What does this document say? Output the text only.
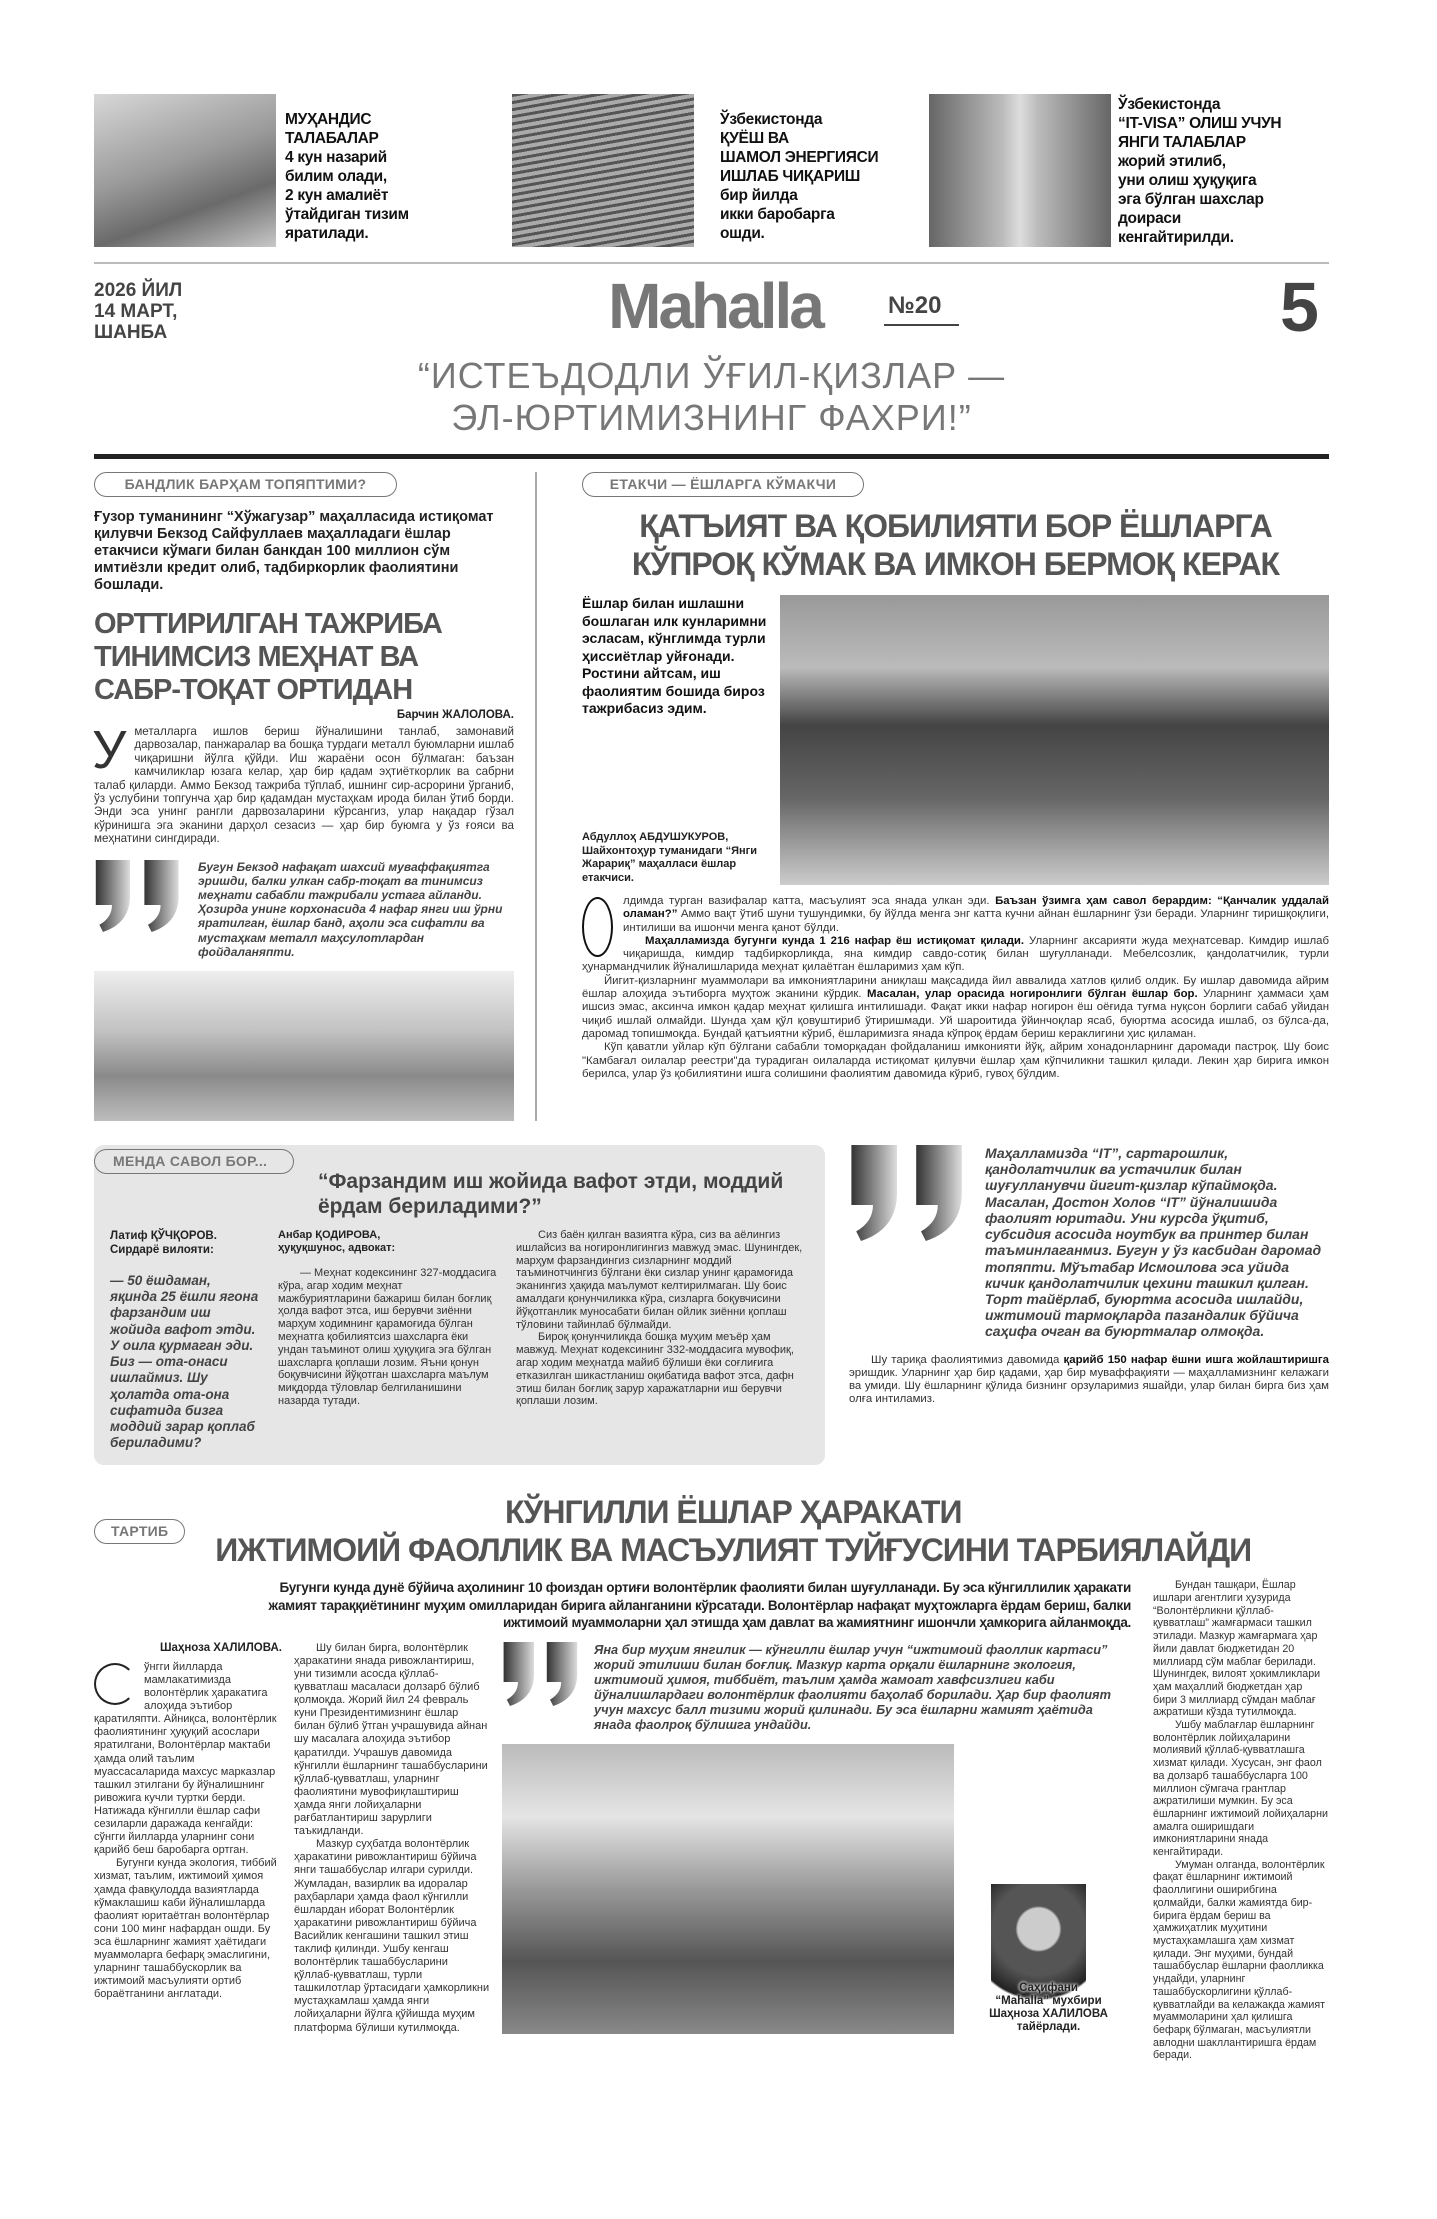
МУҲАНДИС
ТАЛАБАЛАР
4 кун назарий
билим олади,
2 кун амалиёт
ўтайдиган тизим
яратилади.
Ўзбекистонда
ҚУЁШ ВА
ШАМОЛ ЭНЕРГИЯСИ
ИШЛАБ ЧИҚАРИШ
бир йилда
икки баробарга
ошди.
Ўзбекистонда
“IT-VISA” ОЛИШ УЧУН
ЯНГИ ТАЛАБЛАР
жорий этилиб,
уни олиш ҳуқуқига
эга бўлган шахслар
доираси
кенгайтирилди.
2026 ЙИЛ
14 МАРТ,
ШАНБА	Mahalla	№20	5
“ИСТЕЪДОДЛИ ЎҒИЛ-ҚИЗЛАР —
ЭЛ-ЮРТИМИЗНИНГ ФАХРИ!”
БАНДЛИК БАРҲАМ ТОПЯПТИМИ?
Ғузор туманининг “Хўжагузар” маҳалласида истиқомат қилувчи Бекзод Сайфуллаев маҳалладаги ёшлар етакчиси кўмаги билан банкдан 100 миллион сўм имтиёзли кредит олиб, тадбиркорлик фаолиятини бошлади.
ОРТТИРИЛГАН ТАЖРИБА
ТИНИМСИЗ МЕҲНАТ ВА
САБР-ТОҚАТ ОРТИДАН
Барчин ЖАЛОЛОВА.
У металларга ишлов бериш йўналишини танлаб, замонавий дарвозалар, панжаралар ва бошқа турдаги металл буюмларни ишлаб чиқаришни йўлга қўйди. Иш жараёни осон бўлмаган: баъзан камчиликлар юзага келар, ҳар бир қадам эҳтиёткорлик ва сабрни талаб қиларди. Аммо Бекзод тажриба тўплаб, ишнинг сир-асрорини ўрганиб, ўз услубини топгунча ҳар бир қадамдан мустаҳкам ирода билан ўтиб борди. Энди эса унинг рангли дарвозаларини кўрсангиз, улар нақадар гўзал кўринишга эга эканини дарҳол сезасиз — ҳар бир буюмга у ўз ғояси ва меҳнатини сингдиради.

Бугун Бекзод нафақат шахсий муваффақиятга эришди, балки улкан сабр-тоқат ва тинимсиз меҳнати сабабли тажрибали устага айланди. Ҳозирда унинг корхонасида 4 нафар янги иш ўрни яратилган, ёшлар банд, аҳоли эса сифатли ва мустаҳкам металл маҳсулотлардан фойдаланяпти.
ЕТАКЧИ — ЁШЛАРГА КЎМАКЧИ
ҚАТЪИЯТ ВА ҚОБИЛИЯТИ БОР ЁШЛАРГА
КЎПРОҚ КЎМАК ВА ИМКОН БЕРМОҚ КЕРАК
Ёшлар билан ишлашни бошлаган илк кунларимни эсласам, кўнглимда турли ҳиссиётлар уйғонади. Ростини айтсам, иш фаолиятим бошида бироз тажрибасиз эдим.
Абдуллоҳ АБДУШУКУРОВ, Шайхонтоҳур туманидаги “Янги Жарариқ” маҳалласи ёшлар етакчиси.

лдимда турган вазифалар катта, масъулият эса янада улкан эди. Баъзан ўзимга ҳам савол берардим: “Қанчалик уддалай оламан?” Аммо вақт ўтиб шуни тушундимки, бу йўлда менга энг катта кучни айнан ёшларнинг ўзи беради. Уларнинг тиришқоқлиги, интилиши ва ишончи менга қанот бўлди.

Маҳалламизда бугунги кунда 1 216 нафар ёш истиқомат қилади. Уларнинг аксарияти жуда меҳнатсевар. Кимдир ишлаб чиқаришда, кимдир тадбиркорликда, яна кимдир савдо-сотиқ билан шуғулланади. Мебелсозлик, қандолатчилик, турли ҳунармандчилик йўналишларида меҳнат қилаётган ёшларимиз ҳам кўп.

Йигит-қизларнинг муаммолари ва имкониятларини аниқлаш мақсадида йил аввалида хатлов қилиб олдик. Бу ишлар давомида айрим ёшлар алоҳида эътиборга муҳтож эканини кўрдик. Масалан, улар орасида ногиронлиги бўлган ёшлар бор. Уларнинг ҳаммаси ҳам ишсиз эмас, аксинча имкон қадар меҳнат қилишга интилишади. Фақат икки нафар ногирон ёш оёғида туғма нуқсон борлиги сабаб уйидан чиқиб ишлай олмайди. Шунда ҳам қўл қовуштириб ўтиришмади. Уй шароитида ўйинчоқлар ясаб, буюртма асосида ишлаб, оз бўлса-да, даромад топишмоқда. Бундай қатъиятни кўриб, ёшларимизга янада кўпроқ ёрдам бериш кераклигини ҳис қиламан.

Кўп қаватли уйлар кўп бўлгани сабабли томорқадан фойдаланиш имконияти йўқ, айрим хонадонларнинг даромади пастроқ. Шу боис "Камбағал оилалар реестри"да турадиган оилаларда истиқомат қилувчи ёшлар ҳам кўпчиликни ташкил қилади. Лекин ҳар бирига имкон берилса, улар ўз қобилиятини ишга солишини фаолиятим давомида кўриб, гувоҳ бўлдим.

МЕНДА САВОЛ БОР...
“Фарзандим иш жойида вафот этди, моддий ёрдам бериладими?”
Латиф ҚЎЧҚОРОВ.
Сирдарё вилояти:
— 50 ёшдаман, яқинда 25 ёшли ягона фарзандим иш жойида вафот этди. У оила қурмаган эди. Биз — ота-онаси ишлаймиз. Шу ҳолатда ота-она сифатида бизга моддий зарар қоплаб бериладими?
Анбар ҚОДИРОВА,
ҳуқуқшунос, адвокат:

— Меҳнат кодексининг 327-моддасига кўра, агар ходим меҳнат мажбуриятларини бажариш билан боғлиқ ҳолда вафот этса, иш берувчи зиённи марҳум ходимнинг қарамоғида бўлган меҳнатга қобилиятсиз шахсларга ёки ундан таъминот олиш ҳуқуқига эга бўлган шахсларга қоплаши лозим. Яъни қонун боқувчисини йўқотган шахсларга маълум миқдорда тўловлар белгиланишини назарда тутади.

Сиз баён қилган вазиятга кўра, сиз ва аёлингиз ишлайсиз ва ногиронлигингиз мавжуд эмас. Шунингдек, марҳум фарзандингиз сизларнинг моддий таъминотчингиз бўлгани ёки сизлар унинг қарамоғида эканингиз ҳақида маълумот келтирилмаган. Шу боис амалдаги қонунчиликка кўра, сизларга боқувчисини йўқотганлик муносабати билан ойлик зиённи қоплаш тўловини тайинлаб бўлмайди.

Бироқ қонунчиликда бошқа муҳим меъёр ҳам мавжуд. Меҳнат кодексининг 332-моддасига мувофиқ, агар ходим меҳнатда майиб бўлиши ёки соғлиғига етказилган шикастланиш оқибатида вафот этса, дафн этиш билан боғлиқ зарур харажатларни иш берувчи қоплаши лозим.

Маҳалламизда “IT”, сартарошлик, қандолатчилик ва устачилик билан шуғулланувчи йигит-қизлар кўпаймоқда. Масалан, Достон Холов “IT” йўналишида фаолият юритади. Уни курсда ўқитиб, субсидия асосида ноутбук ва принтер билан таъминлаганмиз. Бугун у ўз касбидан даромад топяпти. Мўътабар Исмоилова эса уйида кичик қандолатчилик цехини ташкил қилган. Торт тайёрлаб, буюртма асосида ишлайди, ижтимоий тармоқларда пазандалик бўйича саҳифа очган ва буюртмалар олмоқда.

Шу тариқа фаолиятимиз давомида қарийб 150 нафар ёшни ишга жойлаштиришга эришдик. Уларнинг ҳар бир қадами, ҳар бир муваффақияти — маҳалламизнинг келажаги ва умиди. Шу ёшларнинг қўлида бизнинг орзуларимиз яшайди, улар билан бирга биз ҳам олға интиламиз.

ТАРТИБ
КЎНГИЛЛИ ЁШЛАР ҲАРАКАТИ
ИЖТИМОИЙ ФАОЛЛИК ВА МАСЪУЛИЯТ ТУЙҒУСИНИ ТАРБИЯЛАЙДИ
Бугунги кунда дунё бўйича аҳолининг 10 фоиздан ортиғи волонтёрлик фаолияти билан шуғулланади. Бу эса кўнгиллилик ҳаракати жамият тараққиётининг муҳим омилларидан бирига айланганини кўрсатади. Волонтёрлар нафақат муҳтожларга ёрдам бериш, балки ижтимоий муаммоларни ҳал этишда ҳам давлат ва жамиятнинг ишончли ҳамкорига айланмоқда.
Шаҳноза ХАЛИЛОВА.

ўнгги йилларда мамлакатимизда волонтёрлик ҳаракатига алоҳида эътибор қаратиляпти. Айниқса, волонтёрлик фаолиятининг ҳуқуқий асослари яратилгани, Волонтёрлар мактаби ҳамда олий таълим муассасаларида махсус марказлар ташкил этилгани бу йўналишнинг ривожига кучли туртки берди. Натижада кўнгилли ёшлар сафи сезиларли даражада кенгайди: сўнгги йилларда уларнинг сони қарийб беш баробарга ортган.

Бугунги кунда экология, тиббий хизмат, таълим, ижтимоий ҳимоя ҳамда фавқулодда вазиятларда кўмаклашиш каби йўналишларда фаолият юритаётган волонтёрлар сони 100 минг нафардан ошди. Бу эса ёшларнинг жамият ҳаётидаги муаммоларга бефарқ эмаслигини, уларнинг ташаббускорлик ва ижтимоий масъулияти ортиб бораётганини англатади.

Шу билан бирга, волонтёрлик ҳаракатини янада ривожлантириш, уни тизимли асосда қўллаб-қувватлаш масаласи долзарб бўлиб қолмоқда. Жорий йил 24 февраль куни Президентимизнинг ёшлар билан бўлиб ўтган учрашувида айнан шу масалага алоҳида эътибор қаратилди. Учрашув давомида кўнгилли ёшларнинг ташаббусларини қўллаб-қувватлаш, уларнинг фаолиятини мувофиқлаштириш ҳамда янги лойиҳаларни рағбатлантириш зарурлиги таъкидланди.

Мазкур суҳбатда волонтёрлик ҳаракатини ривожлантириш бўйича янги ташаббуслар илгари сурилди. Жумладан, вазирлик ва идоралар раҳбарлари ҳамда фаол кўнгилли ёшлардан иборат Волонтёрлик ҳаракатини ривожлантириш бўйича Васийлик кенгашини ташкил этиш таклиф қилинди. Ушбу кенгаш волонтёрлик ташаббусларини қўллаб-қувватлаш, турли ташкилотлар ўртасидаги ҳамкорликни мустаҳкамлаш ҳамда янги лойиҳаларни йўлга қўйишда муҳим платформа бўлиши кутилмоқда.

Яна бир муҳим янгилик — кўнгилли ёшлар учун “ижтимоий фаоллик картаси” жорий этилиши билан боғлиқ. Мазкур карта орқали ёшларнинг экология, ижтимоий ҳимоя, тиббиёт, таълим ҳамда жамоат хавфсизлиги каби йўналишлардаги волонтёрлик фаолияти баҳолаб борилади. Ҳар бир фаолият учун махсус балл тизими жорий қилинади. Бу эса ёшларни жамият ҳаётида янада фаолроқ бўлишга ундайди.
Саҳифани
“Mahalla” мухбири
Шаҳноза ХАЛИЛОВА
тайёрлади.

Бундан ташқари, Ёшлар ишлари агентлиги ҳузурида “Волонтёрликни қўллаб-қувватлаш” жамғармаси ташкил этилади. Мазкур жамғармага ҳар йили давлат бюджетидан 20 миллиард сўм маблағ берилади. Шунингдек, вилоят ҳокимликлари ҳам маҳаллий бюджетдан ҳар бири 3 миллиард сўмдан маблағ ажратиши кўзда тутилмоқда.

Ушбу маблағлар ёшларнинг волонтёрлик лойиҳаларини молиявий қўллаб-қувватлашга хизмат қилади. Хусусан, энг фаол ва долзарб ташаббусларга 100 миллион сўмгача грантлар ажратилиши мумкин. Бу эса ёшларнинг ижтимоий лойиҳаларни амалга оширишдаги имкониятларини янада кенгайтиради.

Умуман олганда, волонтёрлик фақат ёшларнинг ижтимоий фаоллигини оширибгина қолмайди, балки жамиятда бир-бирига ёрдам бериш ва ҳамжиҳатлик муҳитини мустаҳкамлашга ҳам хизмат қилади. Энг муҳими, бундай ташаббуслар ёшларни фаолликка ундайди, уларнинг ташаббускорлигини қўллаб-қувватлайди ва келажакда жамият муаммоларини ҳал қилишга бефарқ бўлмаган, масъулиятли авлодни шакллантиришга ёрдам беради.
